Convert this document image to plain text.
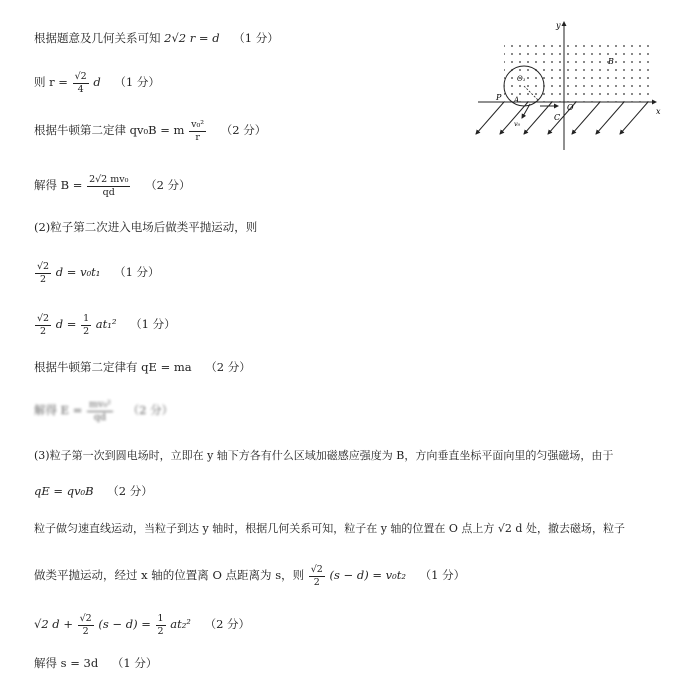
根据题意及几何关系可知 2√2 r = d （1 分）
则 $r = \frac{√2}{4}$ d （1 分）
根据牛顿第二定律 qv₀B = m $\frac{\text{v₀²}}{r} (2$ 分）
解得 $B = \frac{\text{2√2 mv₀}}{qd} (2$ 分）
(2)粒子第二次进入电场后做类平抛运动，则
$\frac{√2}{2}$ d = v₀t₁ （1 分）
$\frac{√2}{2}$ $d = \frac{1}{2} at_1^2$ （1 分）
根据牛顿第二定律有 qE = ma （2 分）
解得 $E = \frac{\text{mv₀²}}{qd} (2$ 分）
(3)粒子第一次到圆电场时，立即在 y 轴下方各有什么区域加磁感应强度为 B，方向垂直坐标平面向里的匀强磁场，由于
qE = qv₀B （2 分）
粒子做匀速直线运动，当粒子到达 y 轴时，根据几何关系可知，粒子在 y 轴的位置在 O 点上方 √2 d 处，撤去磁场，粒子
做类平抛运动，经过 x 轴的位置离 O 点距离为 s，则 $\frac{√2}{2} (s - d) = v_0t_2$ （1 分）
√2 $d + \frac{√2}{2} (s - d) = \frac{1}{2} at_2^2$ （2 分）
解得 s = 3d （1 分）
y
x
B
P
O
C
A
O₁
v₀
